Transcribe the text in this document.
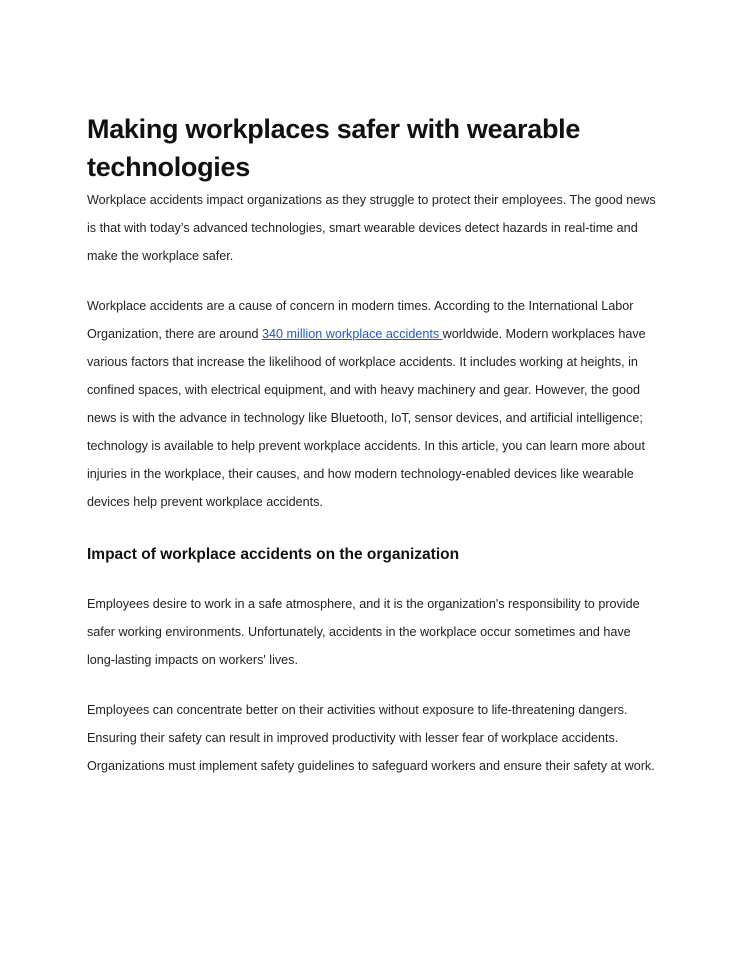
Making workplaces safer with wearable technologies

Workplace accidents impact organizations as they struggle to protect their employees. The good news is that with today’s advanced technologies, smart wearable devices detect hazards in real-time and make the workplace safer.

Workplace accidents are a cause of concern in modern times. According to the International Labor Organization, there are around 340 million workplace accidents worldwide. Modern workplaces have various factors that increase the likelihood of workplace accidents. It includes working at heights, in confined spaces, with electrical equipment, and with heavy machinery and gear. However, the good news is with the advance in technology like Bluetooth, IoT, sensor devices, and artificial intelligence; technology is available to help prevent workplace accidents. In this article, you can learn more about injuries in the workplace, their causes, and how modern technology-enabled devices like wearable devices help prevent workplace accidents.

Impact of workplace accidents on the organization

Employees desire to work in a safe atmosphere, and it is the organization's responsibility to provide safer working environments. Unfortunately, accidents in the workplace occur sometimes and have long-lasting impacts on workers' lives.

Employees can concentrate better on their activities without exposure to life-threatening dangers. Ensuring their safety can result in improved productivity with lesser fear of workplace accidents. Organizations must implement safety guidelines to safeguard workers and ensure their safety at work.
